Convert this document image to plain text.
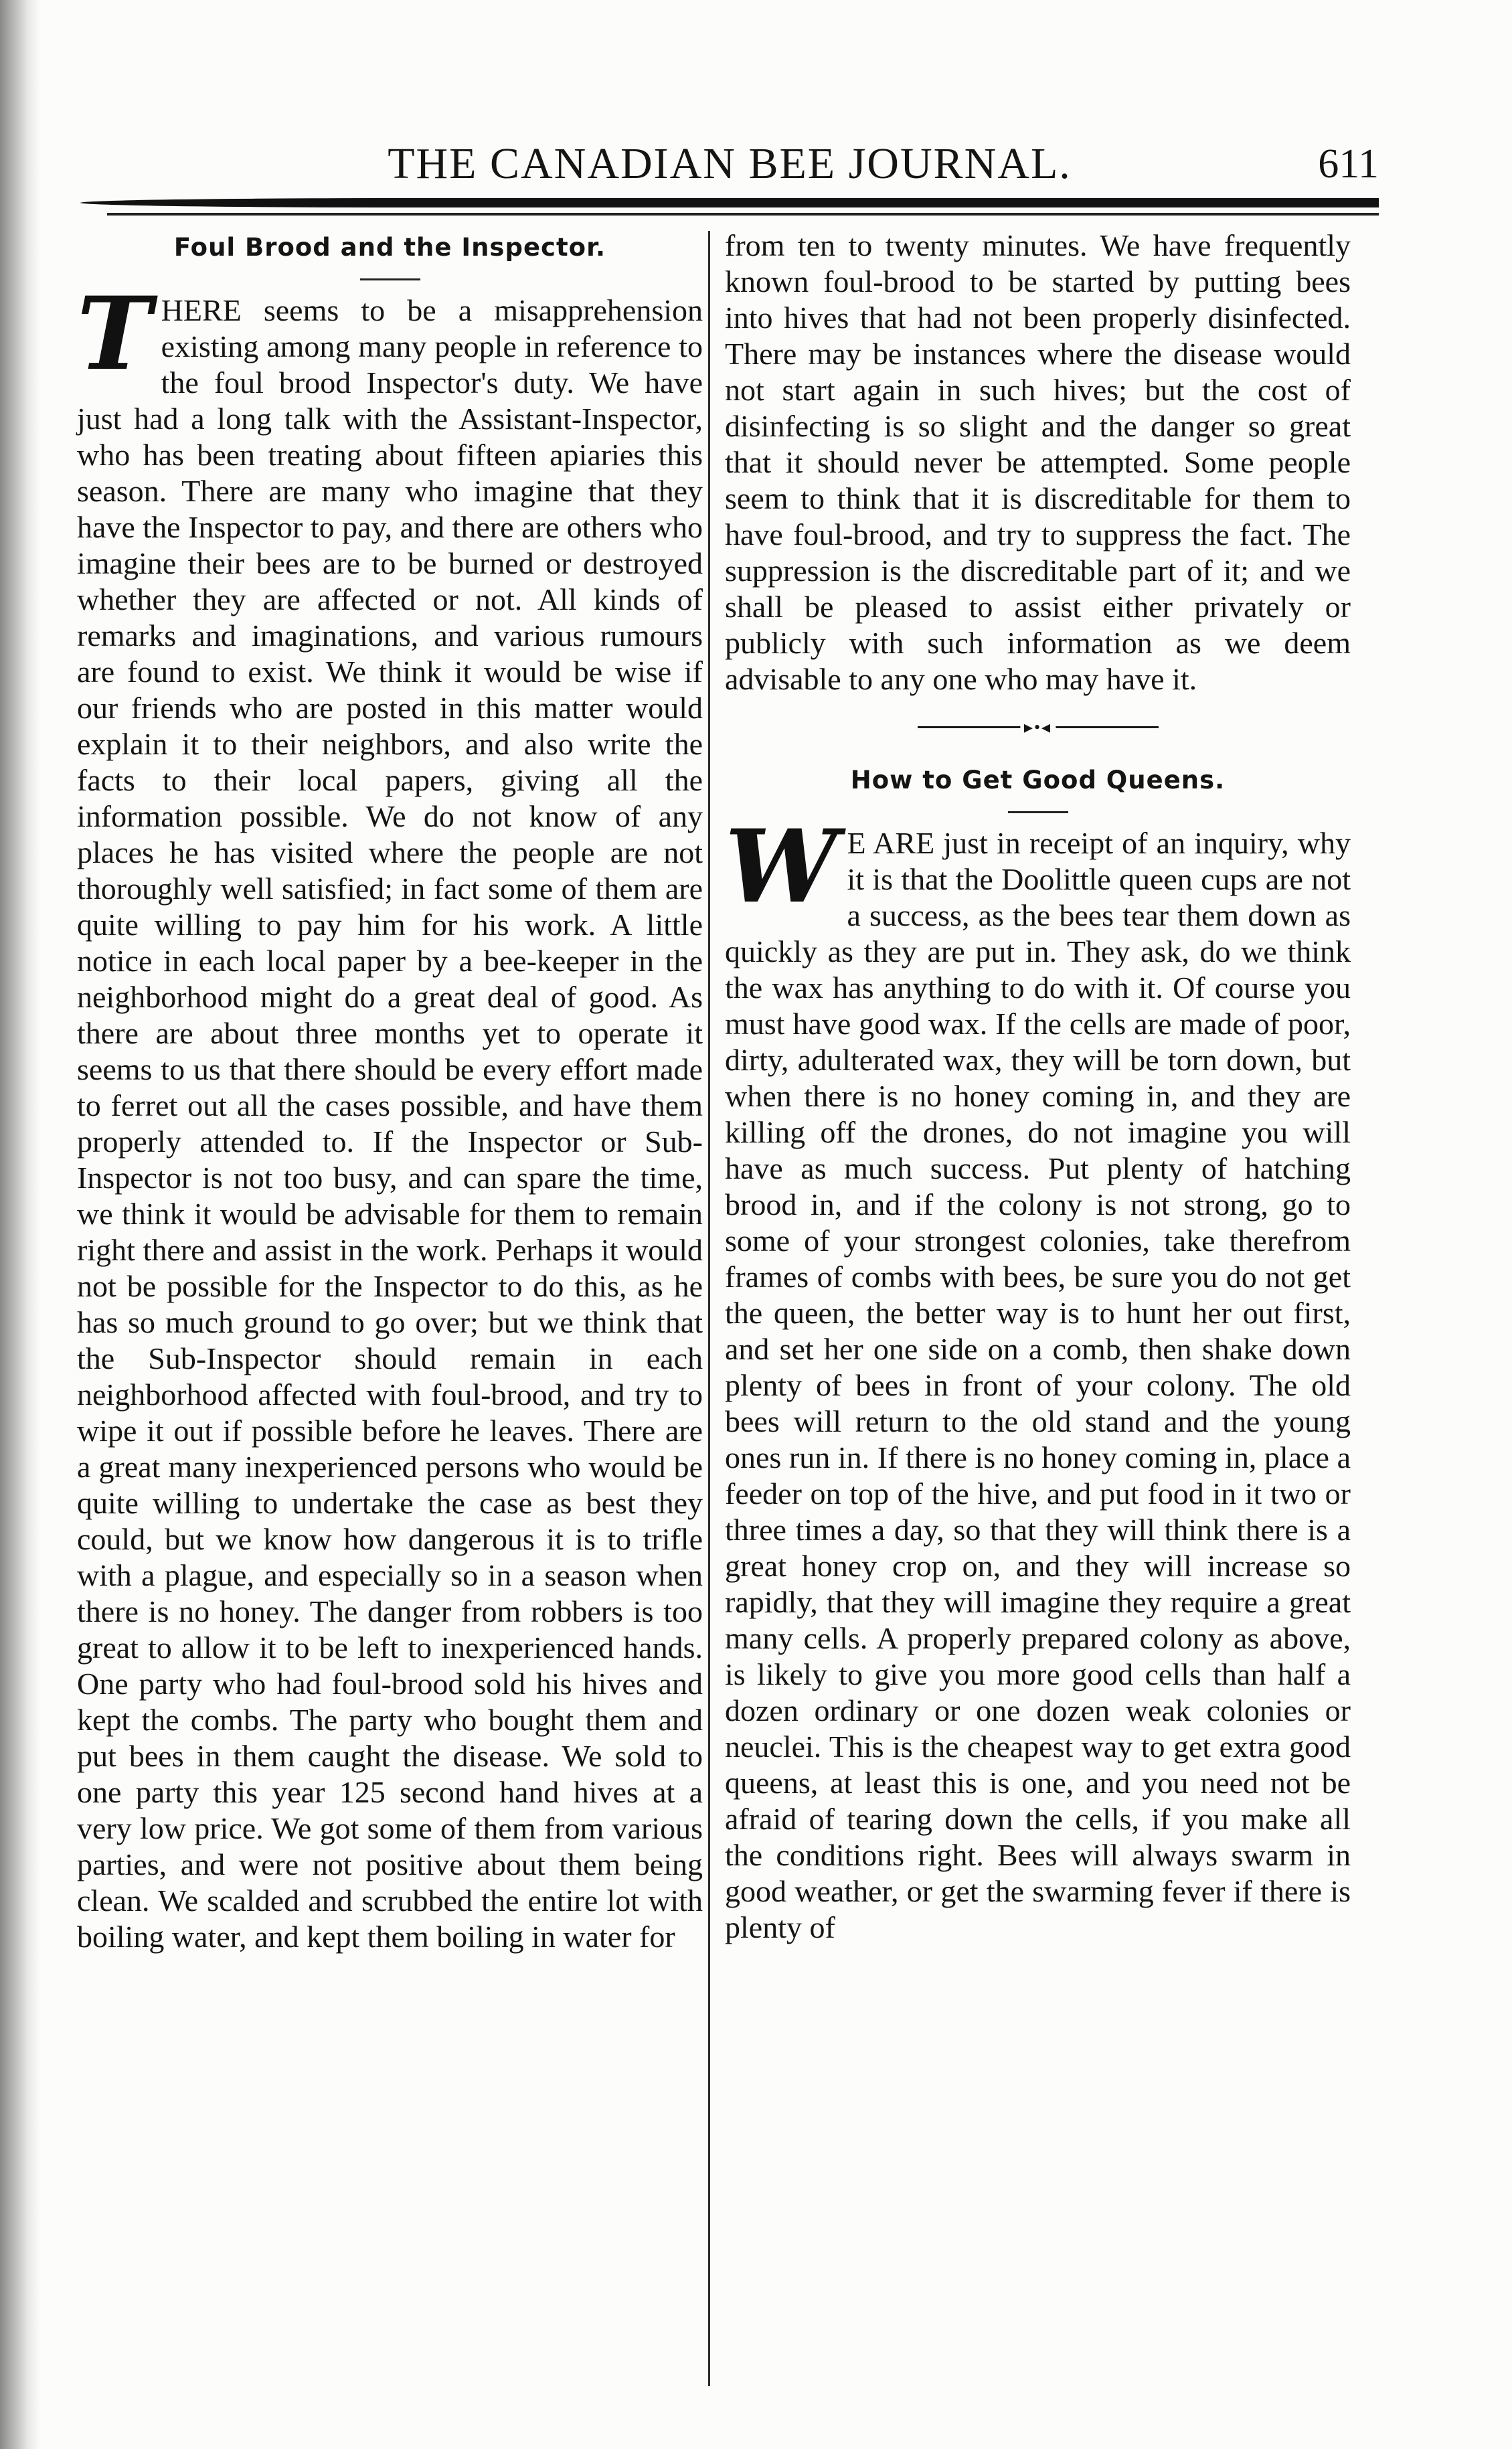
THE CANADIAN BEE JOURNAL.	611
Foul Brood and the Inspector.

THERE seems to be a misapprehension existing among many people in reference to the foul brood Inspector's duty. We have just had a long talk with the Assistant-Inspector, who has been treating about fifteen apiaries this season. There are many who imagine that they have the Inspector to pay, and there are others who imagine their bees are to be burned or destroyed whether they are affected or not. All kinds of remarks and imaginations, and various rumours are found to exist. We think it would be wise if our friends who are posted in this matter would explain it to their neighbors, and also write the facts to their local papers, giving all the information possible. We do not know of any places he has visited where the people are not thoroughly well satisfied; in fact some of them are quite willing to pay him for his work. A little notice in each local paper by a bee-keeper in the neighborhood might do a great deal of good. As there are about three months yet to operate it seems to us that there should be every effort made to ferret out all the cases possible, and have them properly attended to. If the Inspector or Sub-Inspector is not too busy, and can spare the time, we think it would be advisable for them to remain right there and assist in the work. Perhaps it would not be possible for the Inspector to do this, as he has so much ground to go over; but we think that the Sub-Inspector should remain in each neighborhood affected with foul-brood, and try to wipe it out if possible before he leaves. There are a great many inexperienced persons who would be quite willing to undertake the case as best they could, but we know how dangerous it is to trifle with a plague, and especially so in a season when there is no honey. The danger from robbers is too great to allow it to be left to inexperienced hands. One party who had foul-brood sold his hives and kept the combs. The party who bought them and put bees in them caught the disease. We sold to one party this year 125 second hand hives at a very low price. We got some of them from various parties, and were not positive about them being clean. We scalded and scrubbed the entire lot with boiling water, and kept them boiling in water for

from ten to twenty minutes. We have frequently known foul-brood to be started by putting bees into hives that had not been properly disinfected. There may be instances where the disease would not start again in such hives; but the cost of disinfecting is so slight and the danger so great that it should never be attempted. Some people seem to think that it is discreditable for them to have foul-brood, and try to suppress the fact. The suppression is the discreditable part of it; and we shall be pleased to assist either privately or publicly with such information as we deem advisable to any one who may have it.

▸•◂
How to Get Good Queens.

W E ARE just in receipt of an inquiry, why it is that the Doolittle queen cups are not a success, as the bees tear them down as quickly as they are put in. They ask, do we think the wax has anything to do with it. Of course you must have good wax. If the cells are made of poor, dirty, adulterated wax, they will be torn down, but when there is no honey coming in, and they are killing off the drones, do not imagine you will have as much success. Put plenty of hatching brood in, and if the colony is not strong, go to some of your strongest colonies, take therefrom frames of combs with bees, be sure you do not get the queen, the better way is to hunt her out first, and set her one side on a comb, then shake down plenty of bees in front of your colony. The old bees will return to the old stand and the young ones run in. If there is no honey coming in, place a feeder on top of the hive, and put food in it two or three times a day, so that they will think there is a great honey crop on, and they will increase so rapidly, that they will imagine they require a great many cells. A properly prepared colony as above, is likely to give you more good cells than half a dozen ordinary or one dozen weak colonies or neuclei. This is the cheapest way to get extra good queens, at least this is one, and you need not be afraid of tearing down the cells, if you make all the conditions right. Bees will always swarm in good weather, or get the swarming fever if there is plenty of
